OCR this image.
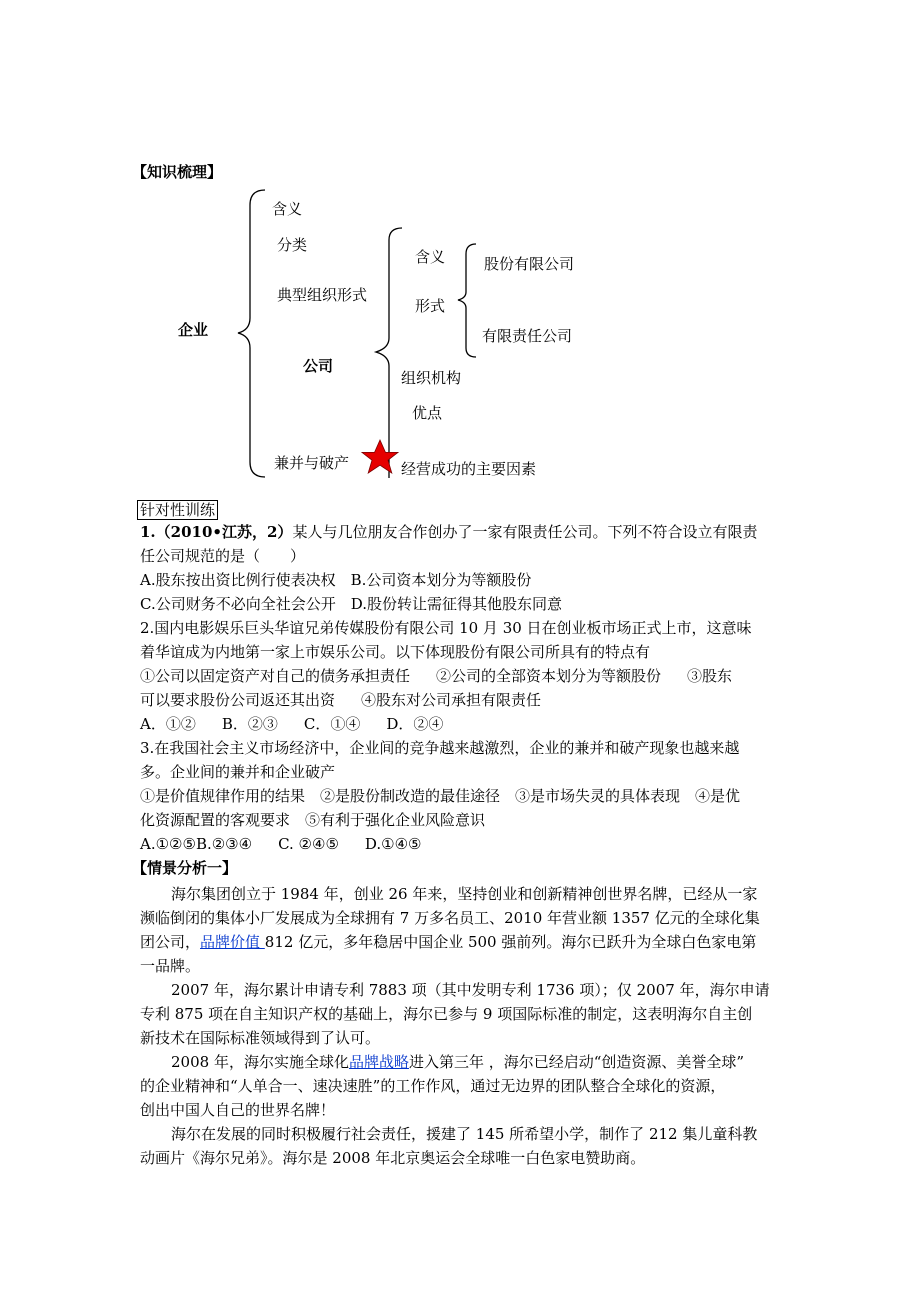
【知识梳理】
含义
分类
典型组织形式
企业
公司
兼并与破产
含义
形式
组织机构
优点
经营成功的主要因素
股份有限公司
有限责任公司
针对性训练
1.（2010•江苏，2）某人与几位朋友合作创办了一家有限责任公司。下列不符合设立有限责
任公司规范的是（　　）
A.股东按出资比例行使表决权　 B.公司资本划分为等额股份
C.公司财务不必向全社会公开　 D.股份转让需征得其他股东同意
2.国内电影娱乐巨头华谊兄弟传媒股份有限公司 10 月 30 日在创业板市场正式上市，这意味
着华谊成为内地第一家上市娱乐公司。以下体现股份有限公司所具有的特点有
①公司以固定资产对自己的债务承担责任 ②公司的全部资本划分为等额股份 ③股东
可以要求股份公司返还其出资 ④股东对公司承担有限责任
A．①② B．②③ C．①④ D．②④
3.在我国社会主义市场经济中，企业间的竞争越来越激烈，企业的兼并和破产现象也越来越
多。企业间的兼并和企业破产
①是价值规律作用的结果　②是股份制改造的最佳途径　③是市场失灵的具体表现　④是优
化资源配置的客观要求　⑤有利于强化企业风险意识
A.①②⑤B.②③④ C. ②④⑤ D.①④⑤
【情景分析一】
海尔集团创立于 1984 年，创业 26 年来，坚持创业和创新精神创世界名牌，已经从一家
濒临倒闭的集体小厂发展成为全球拥有 7 万多名员工、2010 年营业额 1357 亿元的全球化集
团公司，品牌价值 812 亿元，多年稳居中国企业 500 强前列。海尔已跃升为全球白色家电第
一品牌。
2007 年，海尔累计申请专利 7883 项（其中发明专利 1736 项）；仅 2007 年，海尔申请
专利 875 项在自主知识产权的基础上，海尔已参与 9 项国际标准的制定，这表明海尔自主创
新技术在国际标准领域得到了认可。
2008 年，海尔实施全球化品牌战略进入第三年 ，海尔已经启动“创造资源、美誉全球”
的企业精神和“人单合一、速决速胜”的工作作风，通过无边界的团队整合全球化的资源，
创出中国人自己的世界名牌！
海尔在发展的同时积极履行社会责任，援建了 145 所希望小学，制作了 212 集儿童科教
动画片《海尔兄弟》。海尔是 2008 年北京奥运会全球唯一白色家电赞助商。
